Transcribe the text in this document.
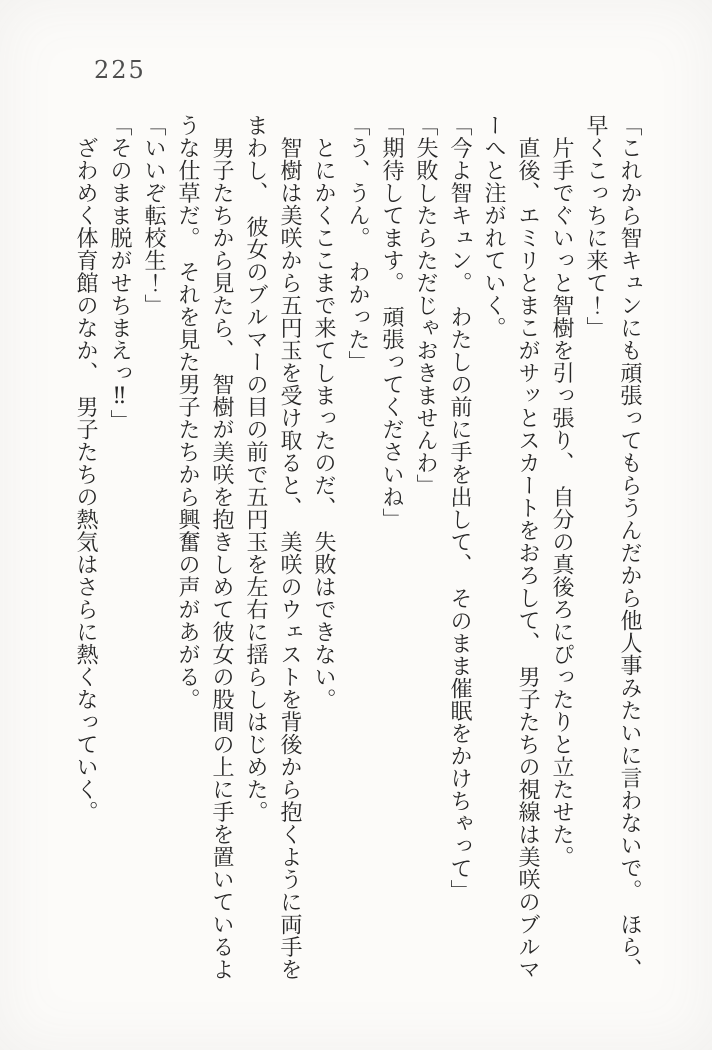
225
「これから智キュンにも頑張ってもらうんだから他人事みたいに言わないで。　ほら、
早くこっちに来て！」
　片手でぐいっと智樹を引っ張り、　自分の真後ろにぴったりと立たせた。
　直後、エミリとまこがサッとスカートをおろして、　男子たちの視線は美咲のブルマ
ーへと注がれていく。
「今よ智キュン。　わたしの前に手を出して、　そのまま催眠をかけちゃって」
「失敗したらただじゃおきませんわ」
「期待してます。　頑張ってくださいね」
「う、うん。　わかった」
　とにかくここまで来てしまったのだ、　失敗はできない。
　智樹は美咲から五円玉を受け取ると、　美咲のウェストを背後から抱くように両手を
まわし、　彼女のブルマーの目の前で五円玉を左右に揺らしはじめた。
　男子たちから見たら、　智樹が美咲を抱きしめて彼女の股間の上に手を置いているよ
うな仕草だ。　それを見た男子たちから興奮の声があがる。
「いいぞ転校生！」
「そのまま脱がせちまえっ‼」
　ざわめく体育館のなか、　男子たちの熱気はさらに熱くなっていく。
